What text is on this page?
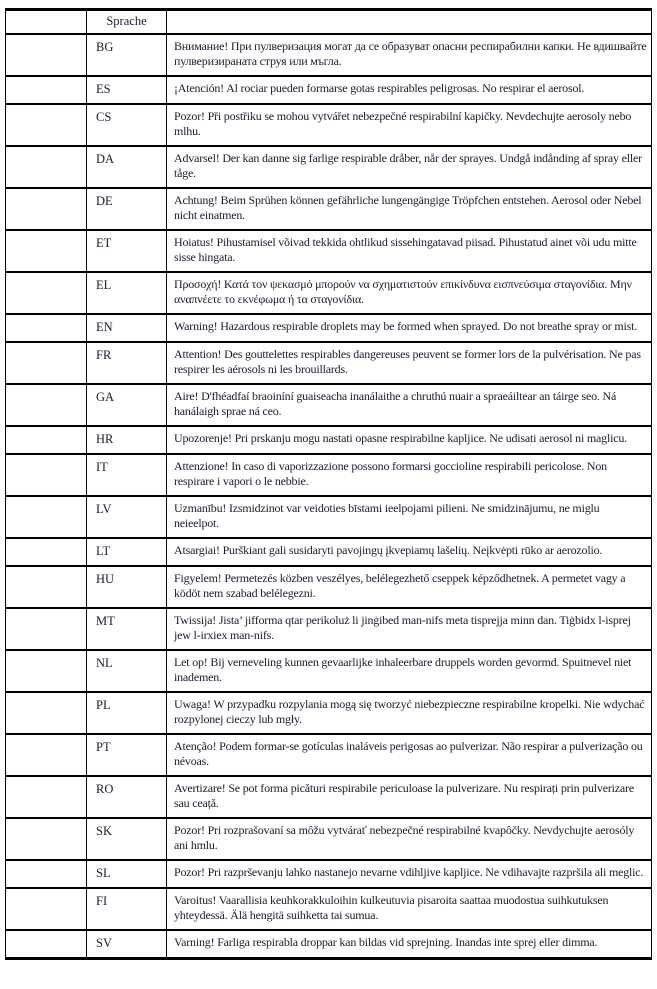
	Sprache	
	BG	Внимание! При пулверизация могат да се образуват опасни респирабилни капки. Не вдишвайте пулверизираната струя или мъгла.
	ES	¡Atención! Al rociar pueden formarse gotas respirables peligrosas. No respirar el aerosol.
	CS	Pozor! Při postřiku se mohou vytvářet nebezpečné respirabilní kapičky. Nevdechujte aerosoly nebo mlhu.
	DA	Advarsel! Der kan danne sig farlige respirable dråber, når der sprayes. Undgå indånding af spray eller tåge.
	DE	Achtung! Beim Sprühen können gefährliche lungengängige Tröpfchen entstehen. Aerosol oder Nebel nicht einatmen.
	ET	Hoiatus! Pihustamisel võivad tekkida ohtlikud sissehingatavad piisad. Pihustatud ainet või udu mitte sisse hingata.
	EL	Προσοχή! Κατά τον ψεκασμό μπορούν να σχηματιστούν επικίνδυνα εισπνεύσιμα σταγονίδια. Μην αναπνέετε το εκνέφωμα ή τα σταγονίδια.
	EN	Warning! Hazardous respirable droplets may be formed when sprayed. Do not breathe spray or mist.
	FR	Attention! Des gouttelettes respirables dangereuses peuvent se former lors de la pulvérisation. Ne pas respirer les aérosols ni les brouillards.
	GA	Aire! D'fhéadfaí braoiníní guaiseacha inanálaithe a chruthú nuair a spraeáiltear an táirge seo. Ná hanálaigh sprae ná ceo.
	HR	Upozorenje! Pri prskanju mogu nastati opasne respirabilne kapljice. Ne udisati aerosol ni maglicu.
	IT	Attenzione! In caso di vaporizzazione possono formarsi goccioline respirabili pericolose. Non respirare i vapori o le nebbie.
	LV	Uzmanību! Izsmidzinot var veidoties bīstami ieelpojami pilieni. Ne smidzinājumu, ne miglu neieelpot.
	LT	Atsargiai! Purškiant gali susidaryti pavojingų įkvepiamų lašelių. Neįkvėpti rūko ar aerozolio.
	HU	Figyelem! Permetezés közben veszélyes, belélegezhető cseppek képződhetnek. A permetet vagy a ködöt nem szabad belélegezni.
	MT	Twissija! Jista’ jifforma qtar perikoluż li jinġibed man-nifs meta tisprejja minn dan. Tiġbidx l-isprej jew l-irxiex man-nifs.
	NL	Let op! Bij verneveling kunnen gevaarlijke inhaleerbare druppels worden gevormd. Spuitnevel niet inademen.
	PL	Uwaga! W przypadku rozpylania mogą się tworzyć niebezpieczne respirabilne kropelki. Nie wdychać rozpylonej cieczy lub mgły.
	PT	Atenção! Podem formar-se gotículas inaláveis perigosas ao pulverizar. Não respirar a pulverização ou névoas.
	RO	Avertizare! Se pot forma picături respirabile periculoase la pulverizare. Nu respirați prin pulverizare sau ceață.
	SK	Pozor! Pri rozprašovaní sa môžu vytvárať nebezpečné respirabilné kvapôčky. Nevdychujte aerosóly ani hmlu.
	SL	Pozor! Pri razprševanju lahko nastanejo nevarne vdihljive kapljice. Ne vdihavajte razpršila ali meglic.
	FI	Varoitus! Vaarallisia keuhkorakkuloihin kulkeutuvia pisaroita saattaa muodostua suihkutuksen yhteydessä. Älä hengitä suihketta tai sumua.
	SV	Varning! Farliga respirabla droppar kan bildas vid sprejning. Inandas inte sprej eller dimma.
